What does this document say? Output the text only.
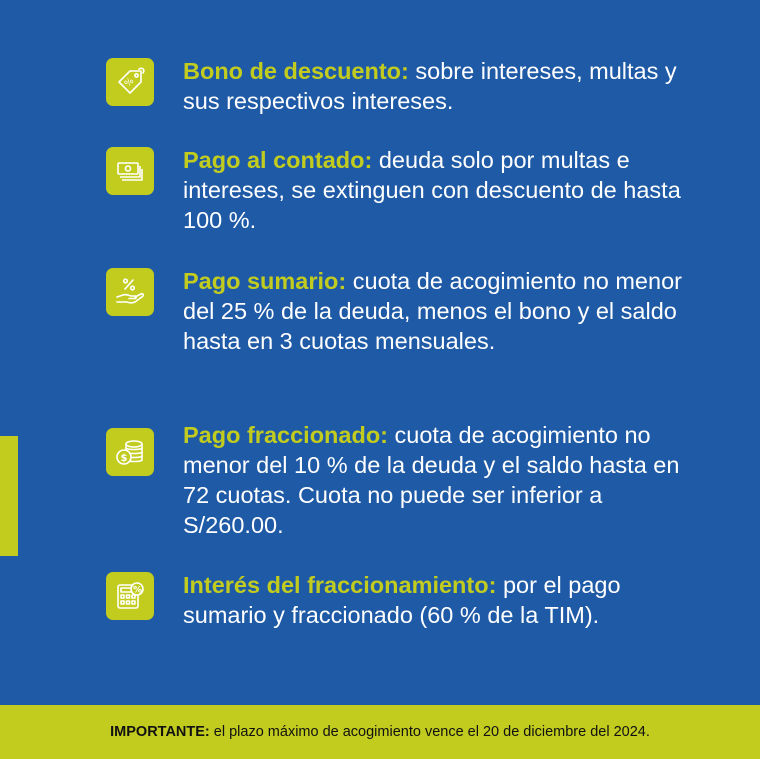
% Bono de descuento: sobre intereses, multas y sus respectivos intereses.
Pago al contado: deuda solo por multas e intereses, se extinguen con descuento de hasta 100 %.
Pago sumario: cuota de acogimiento no menor del 25 % de la deuda, menos el bono y el saldo hasta en 3 cuotas mensuales.
$
Pago fraccionado: cuota de acogimiento no menor del 10 % de la deuda y el saldo hasta en 72 cuotas. Cuota no puede ser inferior a S/260.00.
% Interés del fraccionamiento: por el pago sumario y fraccionado (60 % de la TIM).
IMPORTANTE: el plazo máximo de acogimiento vence el 20 de diciembre del 2024.
